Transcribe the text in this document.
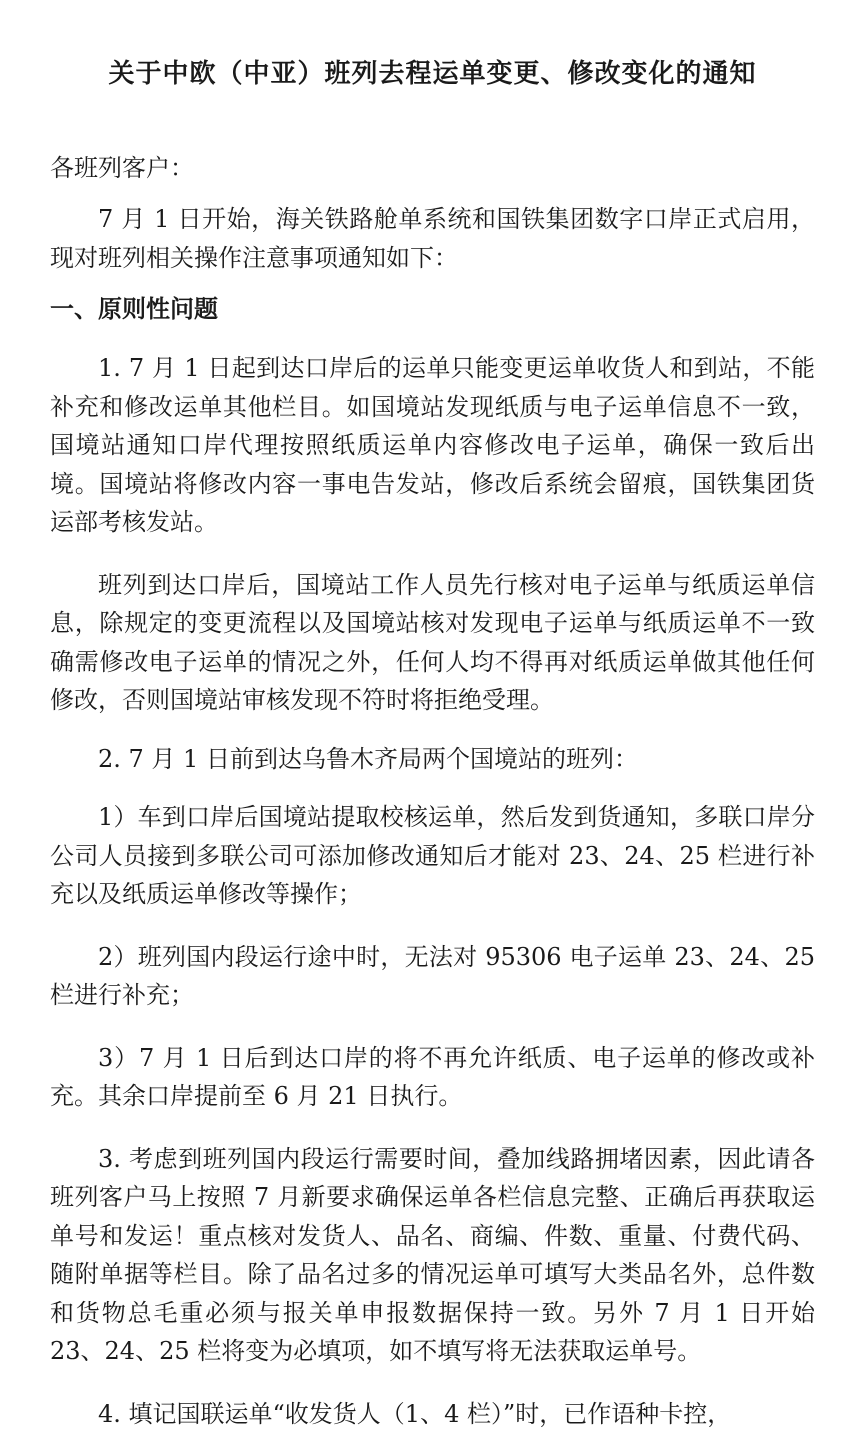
关于中欧（中亚）班列去程运单变更、修改变化的通知

各班列客户：

7 月 1 日开始，海关铁路舱单系统和国铁集团数字口岸正式启用，现对班列相关操作注意事项通知如下：

一、原则性问题

1. 7 月 1 日起到达口岸后的运单只能变更运单收货人和到站，不能补充和修改运单其他栏目。如国境站发现纸质与电子运单信息不一致，国境站通知口岸代理按照纸质运单内容修改电子运单，确保一致后出境。国境站将修改内容一事电告发站，修改后系统会留痕，国铁集团货运部考核发站。

班列到达口岸后，国境站工作人员先行核对电子运单与纸质运单信息，除规定的变更流程以及国境站核对发现电子运单与纸质运单不一致确需修改电子运单的情况之外，任何人均不得再对纸质运单做其他任何修改，否则国境站审核发现不符时将拒绝受理。

2. 7 月 1 日前到达乌鲁木齐局两个国境站的班列：

1）车到口岸后国境站提取校核运单，然后发到货通知，多联口岸分公司人员接到多联公司可添加修改通知后才能对 23、24、25 栏进行补充以及纸质运单修改等操作；

2）班列国内段运行途中时，无法对 95306 电子运单 23、24、25 栏进行补充；

3）7 月 1 日后到达口岸的将不再允许纸质、电子运单的修改或补充。其余口岸提前至 6 月 21 日执行。

3. 考虑到班列国内段运行需要时间，叠加线路拥堵因素，因此请各班列客户马上按照 7 月新要求确保运单各栏信息完整、正确后再获取运单号和发运！重点核对发货人、品名、商编、件数、重量、付费代码、随附单据等栏目。除了品名过多的情况运单可填写大类品名外，总件数和货物总毛重必须与报关单申报数据保持一致。另外 7 月 1 日开始 23、24、25 栏将变为必填项，如不填写将无法获取运单号。

4. 填记国联运单“收发货人（1、4 栏）”时，已作语种卡控，
